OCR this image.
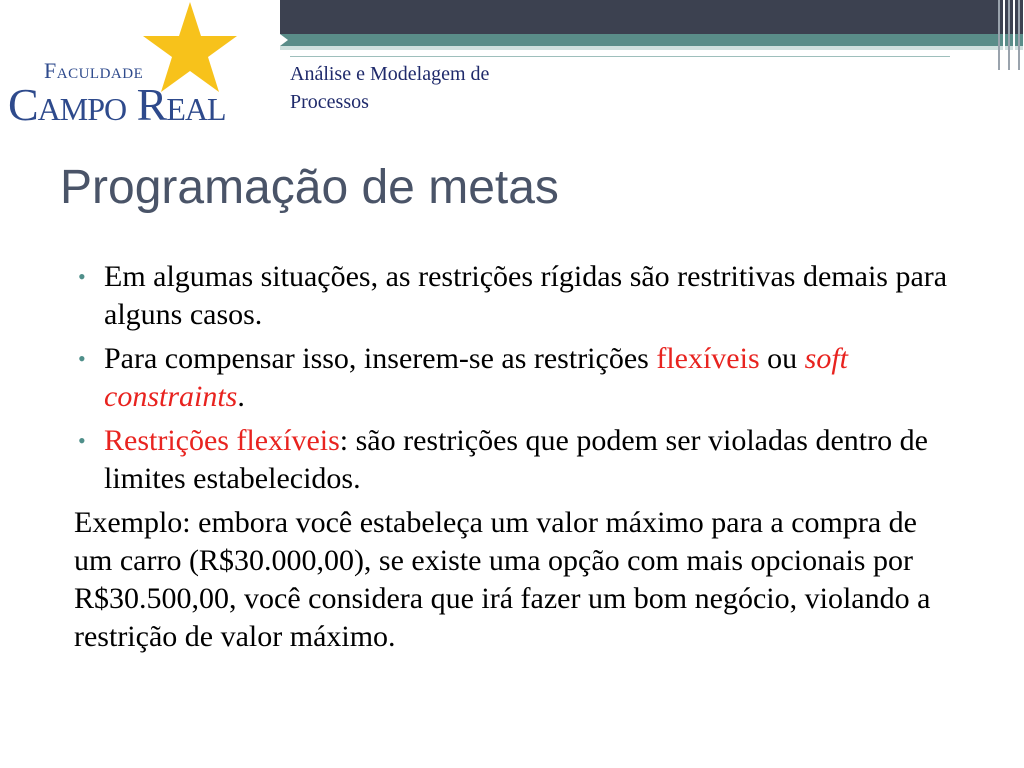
Faculdade
Campo Real
Análise e Modelagem de
Processos
Programação de metas
• Em algumas situações, as restrições rígidas são restritivas demais para alguns casos.
• Para compensar isso, inserem-se as restrições flexíveis ou soft constraints.
• Restrições flexíveis: são restrições que podem ser violadas dentro de limites estabelecidos.

Exemplo: embora você estabeleça um valor máximo para a compra de um carro (R$30.000,00), se existe uma opção com mais opcionais por R$30.500,00, você considera que irá fazer um bom negócio, violando a restrição de valor máximo.
